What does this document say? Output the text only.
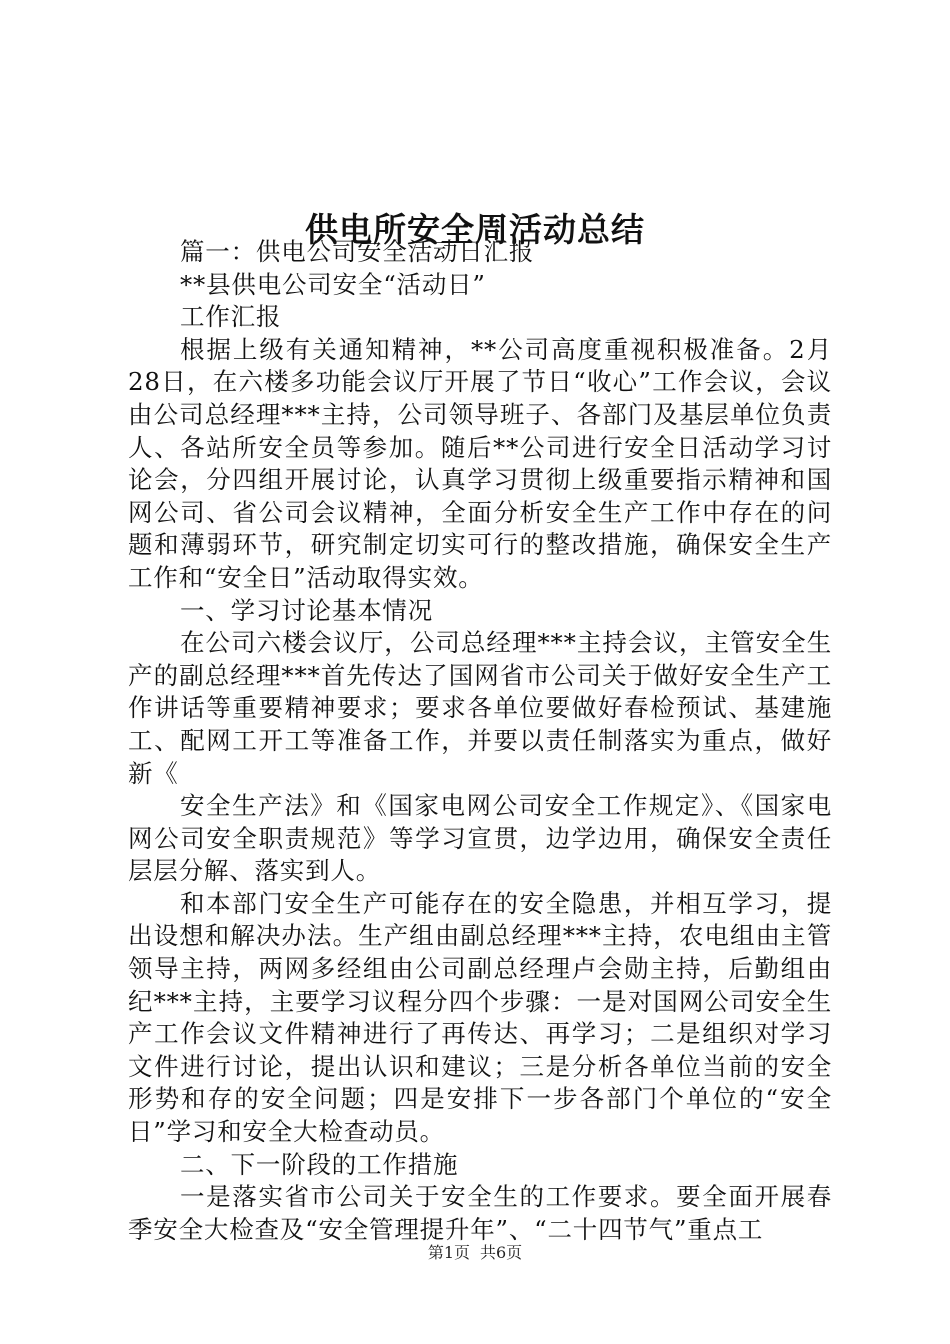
供电所安全周活动总结

篇一：供电公司安全活动日汇报

**县供电公司安全“活动日”

工作汇报

根据上级有关通知精神，**公司高度重视积极准备。2月28日，在六楼多功能会议厅开展了节日“收心”工作会议，会议由公司总经理***主持，公司领导班子、各部门及基层单位负责人、各站所安全员等参加。随后**公司进行安全日活动学习讨论会，分四组开展讨论，认真学习贯彻上级重要指示精神和国网公司、省公司会议精神，全面分析安全生产工作中存在的问题和薄弱环节，研究制定切实可行的整改措施，确保安全生产工作和“安全日”活动取得实效。

一、学习讨论基本情况

在公司六楼会议厅，公司总经理***主持会议，主管安全生产的副总经理***首先传达了国网省市公司关于做好安全生产工作讲话等重要精神要求；要求各单位要做好春检预试、基建施工、配网工开工等准备工作，并要以责任制落实为重点，做好新《

安全生产法》和《国家电网公司安全工作规定》、《国家电网公司安全职责规范》等学习宣贯，边学边用，确保安全责任层层分解、落实到人。

和本部门安全生产可能存在的安全隐患，并相互学习，提出设想和解决办法。生产组由副总经理***主持，农电组由主管领导主持，两网多经组由公司副总经理卢会勋主持，后勤组由纪***主持，主要学习议程分四个步骤：一是对国网公司安全生产工作会议文件精神进行了再传达、再学习；二是组织对学习文件进行讨论，提出认识和建议；三是分析各单位当前的安全形势和存的安全问题；四是安排下一步各部门个单位的“安全日”学习和安全大检查动员。

二、下一阶段的工作措施

一是落实省市公司关于安全生的工作要求。要全面开展春季安全大检查及“安全管理提升年”、“二十四节气”重点工

第1页 共6页
